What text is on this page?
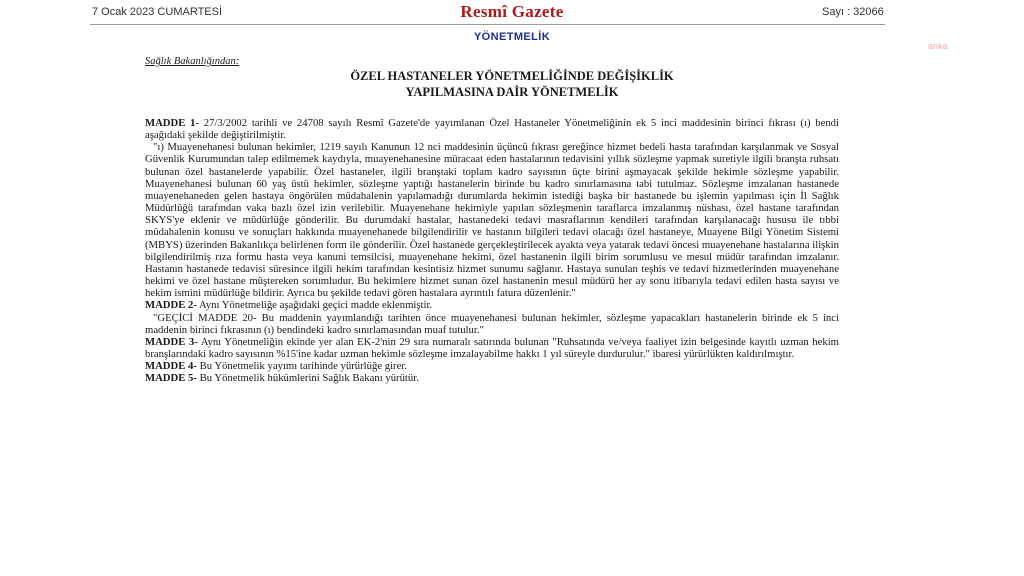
7 Ocak 2023 CUMARTESİ	Resmî Gazete	Sayı : 32066
YÖNETMELİK
anka
Sağlık Bakanlığından:
ÖZEL HASTANELER YÖNETMELİĞİNDE DEĞİŞİKLİK
YAPILMASINA DAİR YÖNETMELİK

MADDE 1- 27/3/2002 tarihli ve 24708 sayılı Resmî Gazete'de yayımlanan Özel Hastaneler Yönetmeliğinin ek 5 inci maddesinin birinci fıkrası (ı) bendi aşağıdaki şekilde değiştirilmiştir.

"ı) Muayenehanesi bulunan hekimler, 1219 sayılı Kanunun 12 nci maddesinin üçüncü fıkrası gereğince hizmet bedeli hasta tarafından karşılanmak ve Sosyal Güvenlik Kurumundan talep edilmemek kaydıyla, muayenehanesine müracaat eden hastalarının tedavisini yıllık sözleşme yapmak suretiyle ilgili branşta ruhsatı bulunan özel hastanelerde yapabilir. Özel hastaneler, ilgili branştaki toplam kadro sayısının üçte birini aşmayacak şekilde hekimle sözleşme yapabilir. Muayenehanesi bulunan 60 yaş üstü hekimler, sözleşme yaptığı hastanelerin birinde bu kadro sınırlamasına tabi tutulmaz. Sözleşme imzalanan hastanede muayenehaneden gelen hastaya öngörülen müdahalenin yapılamadığı durumlarda hekimin istediği başka bir hastanede bu işlemin yapılması için İl Sağlık Müdürlüğü tarafından vaka bazlı özel izin verilebilir. Muayenehane hekimiyle yapılan sözleşmenin taraflarca imzalanmış nüshası, özel hastane tarafından SKYS'ye eklenir ve müdürlüğe gönderilir. Bu durumdaki hastalar, hastanedeki tedavi masraflarının kendileri tarafından karşılanacağı hususu ile tıbbi müdahalenin konusu ve sonuçları hakkında muayenehanede bilgilendirilir ve hastanın bilgileri tedavi olacağı özel hastaneye, Muayene Bilgi Yönetim Sistemi (MBYS) üzerinden Bakanlıkça belirlenen form ile gönderilir. Özel hastanede gerçekleştirilecek ayakta veya yatarak tedavi öncesi muayenehane hastalarına ilişkin bilgilendirilmiş rıza formu hasta veya kanuni temsilcisi, muayenehane hekimi, özel hastanenin ilgili birim sorumlusu ve mesul müdür tarafından imzalanır. Hastanın hastanede tedavisi süresince ilgili hekim tarafından kesintisiz hizmet sunumu sağlanır. Hastaya sunulan teşhis ve tedavi hizmetlerinden muayenehane hekimi ve özel hastane müştereken sorumludur. Bu hekimlere hizmet sunan özel hastanenin mesul müdürü her ay sonu itibarıyla tedavi edilen hasta sayısı ve hekim ismini müdürlüğe bildirir. Ayrıca bu şekilde tedavi gören hastalara ayrıntılı fatura düzenlenir."

MADDE 2- Aynı Yönetmeliğe aşağıdaki geçici madde eklenmiştir.

"GEÇİCİ MADDE 20- Bu maddenin yayımlandığı tarihten önce muayenehanesi bulunan hekimler, sözleşme yapacakları hastanelerin birinde ek 5 inci maddenin birinci fıkrasının (ı) bendindeki kadro sınırlamasından muaf tutulur."

MADDE 3- Aynı Yönetmeliğin ekinde yer alan EK-2'nin 29 sıra numaralı satırında bulunan "Ruhsatında ve/veya faaliyet izin belgesinde kayıtlı uzman hekim branşlarındaki kadro sayısının %15'ine kadar uzman hekimle sözleşme imzalayabilme hakkı 1 yıl süreyle durdurulur." ibaresi yürürlükten kaldırılmıştır.

MADDE 4- Bu Yönetmelik yayımı tarihinde yürürlüğe girer.

MADDE 5- Bu Yönetmelik hükümlerini Sağlık Bakanı yürütür.
